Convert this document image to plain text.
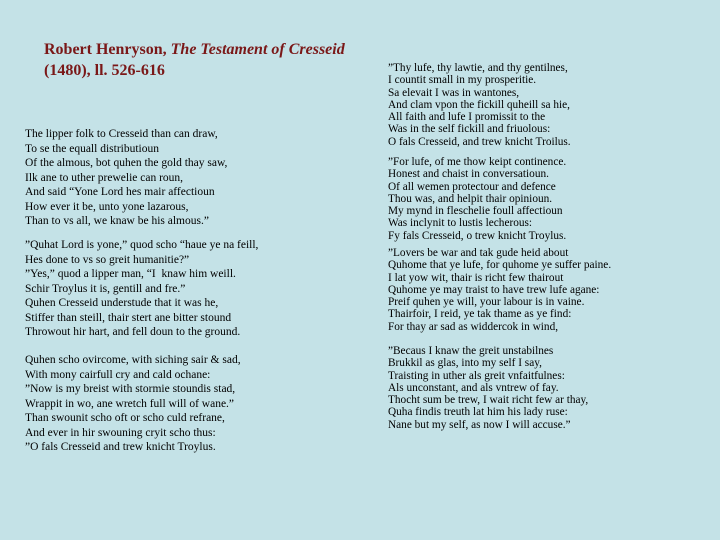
Robert Henryson, The Testament of Cresseid (1480), ll. 526-616

The lipper folk to Cresseid than can draw,
To se the equall distributioun
Of the almous, bot quhen the gold thay saw,
Ilk ane to uther prewelie can roun,
And said “Yone Lord hes mair affectioun
How ever it be, unto yone lazarous,
Than to vs all, we knaw be his almous.”

”Quhat Lord is yone,” quod scho “haue ye na feill,
Hes done to vs so greit humanitie?”
”Yes,” quod a lipper man, “I  knaw him weill.
Schir Troylus it is, gentill and fre.”
Quhen Cresseid understude that it was he,
Stiffer than steill, thair stert ane bitter stound
Throwout hir hart, and fell doun to the ground.

Quhen scho ovircome, with siching sair & sad,
With mony cairfull cry and cald ochane:
”Now is my breist with stormie stoundis stad,
Wrappit in wo, ane wretch full will of wane.”
Than swounit scho oft or scho culd refrane,
And ever in hir swouning cryit scho thus:
”O fals Cresseid and trew knicht Troylus.

”Thy lufe, thy lawtie, and thy gentilnes,
I countit small in my prosperitie.
Sa elevait I was in wantones,
And clam vpon the fickill quheill sa hie,
All faith and lufe I promissit to the
Was in the self fickill and friuolous:
O fals Cresseid, and trew knicht Troilus.

”For lufe, of me thow keipt continence.
Honest and chaist in conversatioun.
Of all wemen protectour and defence
Thou was, and helpit thair opinioun.
My mynd in fleschelie foull affectioun
Was inclynit to lustis lecherous:
Fy fals Cresseid, o trew knicht Troylus.

”Lovers be war and tak gude heid about
Quhome that ye lufe, for quhome ye suffer paine.
I lat yow wit, thair is richt few thairout
Quhome ye may traist to have trew lufe agane:
Preif quhen ye will, your labour is in vaine.
Thairfoir, I reid, ye tak thame as ye find:
For thay ar sad as widdercok in wind,

”Becaus I knaw the greit unstabilnes
Brukkil as glas, into my self I say,
Traisting in uther als greit vnfaitfulnes:
Als unconstant, and als vntrew of fay.
Thocht sum be trew, I wait richt few ar thay,
Quha findis treuth lat him his lady ruse:
Nane but my self, as now I will accuse.”
